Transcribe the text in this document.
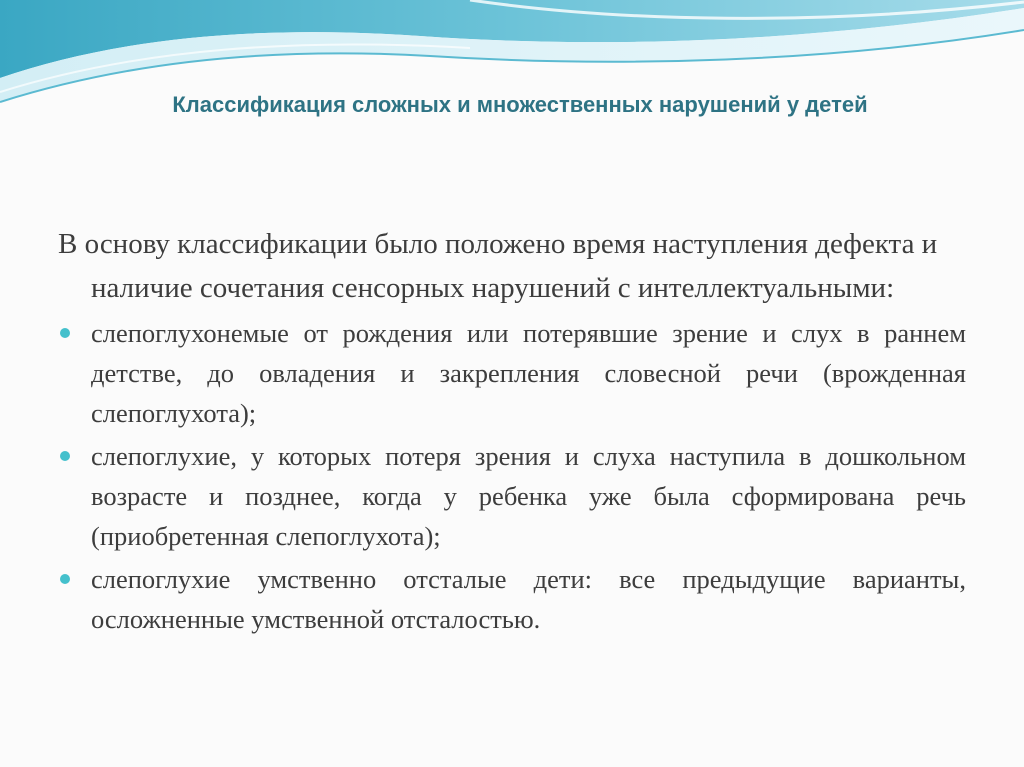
Классификация сложных и множественных нарушений у детей

В основу классификации было положено время наступления дефекта и наличие сочетания сенсорных нарушений с интеллектуальными:

слепоглухонемые от рождения или потерявшие зрение и слух в раннем детстве, до овладения и закрепления словесной речи (врожденная слепоглухота);
слепоглухие, у которых потеря зрения и слуха наступила в дошкольном возрасте и позднее, когда у ребенка уже была сформирована речь (приобретенная слепоглухота);
слепоглухие умственно отсталые дети: все предыдущие варианты, осложненные умственной отсталостью.
